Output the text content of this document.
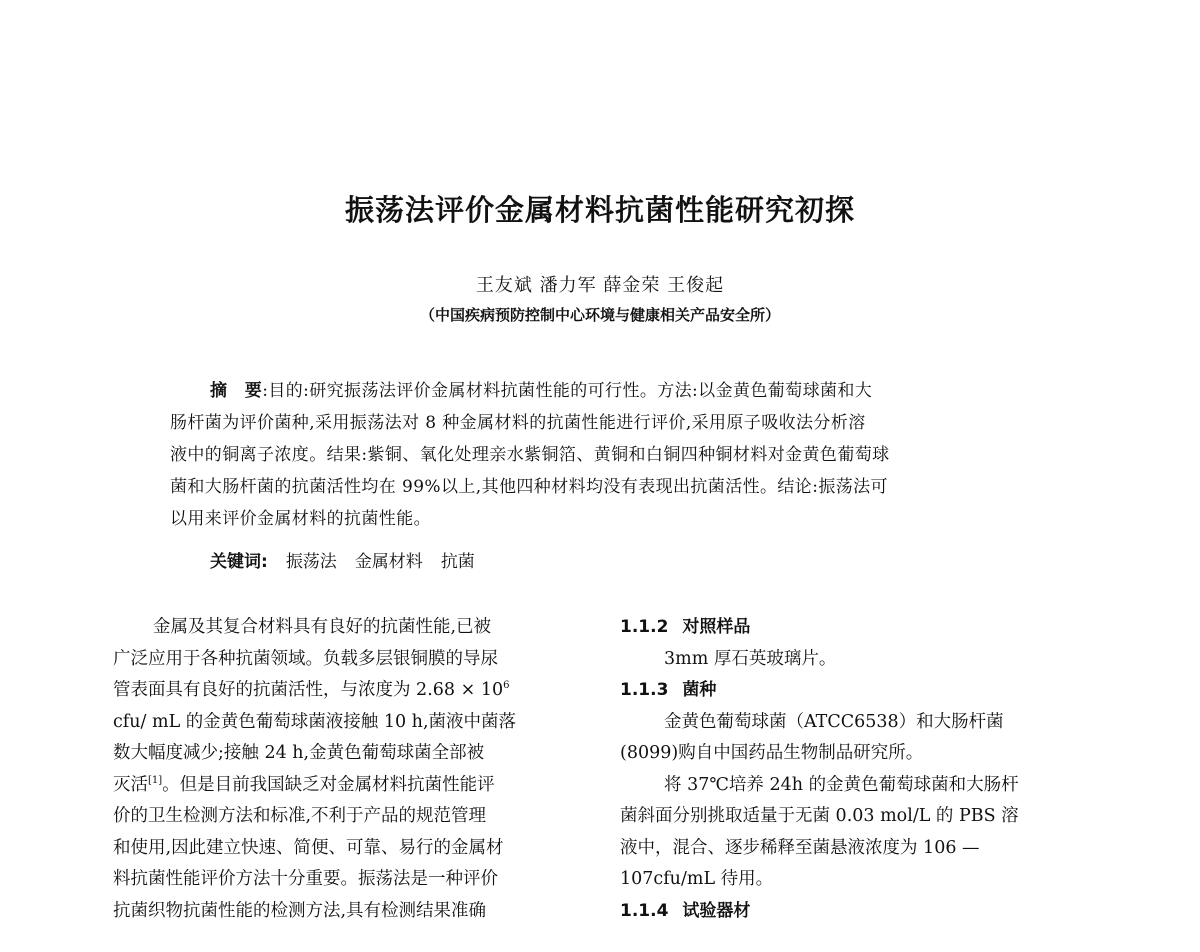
振荡法评价金属材料抗菌性能研究初探
王友斌 潘力军 薛金荣 王俊起
（中国疾病预防控制中心环境与健康相关产品安全所）
摘　要:目的:研究振荡法评价金属材料抗菌性能的可行性。方法:以金黄色葡萄球菌和大
肠杆菌为评价菌种,采用振荡法对 8 种金属材料的抗菌性能进行评价,采用原子吸收法分析溶
液中的铜离子浓度。结果:紫铜、氧化处理亲水紫铜箔、黄铜和白铜四种铜材料对金黄色葡萄球
菌和大肠杆菌的抗菌活性均在 99%以上,其他四种材料均没有表现出抗菌活性。结论:振荡法可
以用来评价金属材料的抗菌性能。
关键词: 振荡法 金属材料 抗菌
金属及其复合材料具有良好的抗菌性能,已被
广泛应用于各种抗菌领域。负载多层银铜膜的导尿
管表面具有良好的抗菌活性，与浓度为 $2.68 \times 10^6$
cfu/ mL 的金黄色葡萄球菌液接触 10 h,菌液中菌落
数大幅度减少;接触 24 h,金黄色葡萄球菌全部被
灭活[1]。但是目前我国缺乏对金属材料抗菌性能评
价的卫生检测方法和标准,不利于产品的规范管理
和使用,因此建立快速、简便、可靠、易行的金属材
料抗菌性能评价方法十分重要。振荡法是一种评价
抗菌织物抗菌性能的检测方法,具有检测结果准确
1.1.2 对照样品
3mm 厚石英玻璃片。
1.1.3 菌种
金黄色葡萄球菌（ATCC6538）和大肠杆菌
(8099)购自中国药品生物制品研究所。
将 37℃培养 24h 的金黄色葡萄球菌和大肠杆
菌斜面分别挑取适量于无菌 0.03 mol/L 的 PBS 溶
液中，混合、逐步稀释至菌悬液浓度为 106 —
107cfu/mL 待用。
1.1.4 试验器材
